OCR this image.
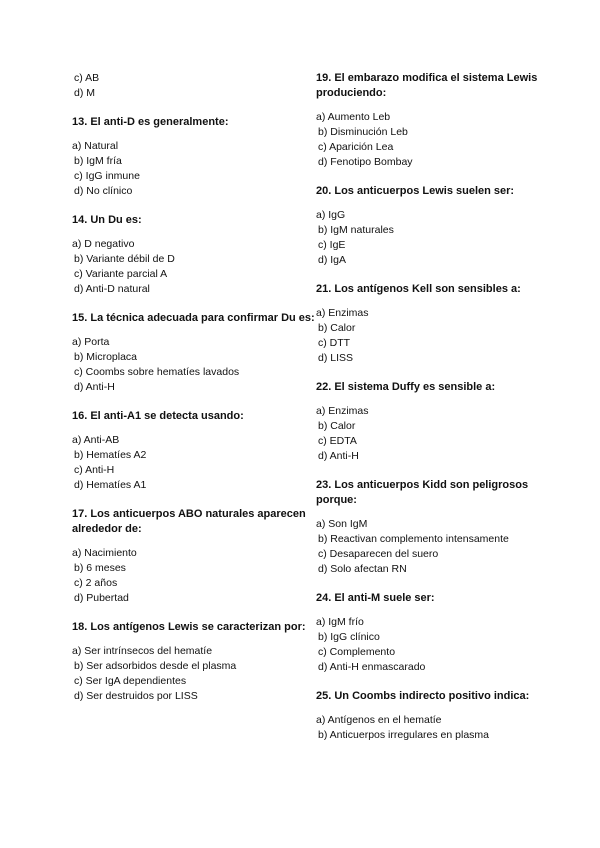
c) AB
d) M

13. El anti-D es generalmente:

a) Natural
b) IgM fría
c) IgG inmune
d) No clínico

14. Un Du es:

a) D negativo
b) Variante débil de D
c) Variante parcial A
d) Anti-D natural

15. La técnica adecuada para confirmar Du es:

a) Porta
b) Microplaca
c) Coombs sobre hematíes lavados
d) Anti-H

16. El anti-A1 se detecta usando:

a) Anti-AB
b) Hematíes A2
c) Anti-H
d) Hematíes A1

17. Los anticuerpos ABO naturales aparecen alrededor de:

a) Nacimiento
b) 6 meses
c) 2 años
d) Pubertad

18. Los antígenos Lewis se caracterizan por:

a) Ser intrínsecos del hematíe
b) Ser adsorbidos desde el plasma
c) Ser IgA dependientes
d) Ser destruidos por LISS

19. El embarazo modifica el sistema Lewis produciendo:

a) Aumento Leb
b) Disminución Leb
c) Aparición Lea
d) Fenotipo Bombay

20. Los anticuerpos Lewis suelen ser:

a) IgG
b) IgM naturales
c) IgE
d) IgA

21. Los antígenos Kell son sensibles a:

a) Enzimas
b) Calor
c) DTT
d) LISS

22. El sistema Duffy es sensible a:

a) Enzimas
b) Calor
c) EDTA
d) Anti-H

23. Los anticuerpos Kidd son peligrosos porque:

a) Son IgM
b) Reactivan complemento intensamente
c) Desaparecen del suero
d) Solo afectan RN

24. El anti-M suele ser:

a) IgM frío
b) IgG clínico
c) Complemento
d) Anti-H enmascarado

25. Un Coombs indirecto positivo indica:

a) Antígenos en el hematíe
b) Anticuerpos irregulares en plasma
